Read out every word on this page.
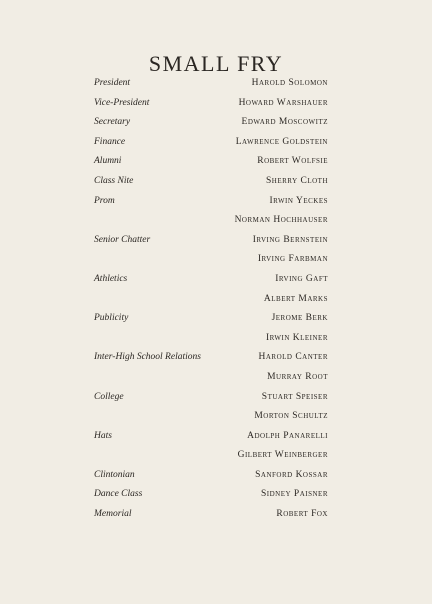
SMALL FRY
President	Harold Solomon
Vice-President	Howard Warshauer
Secretary	Edward Moscowitz
Finance	Lawrence Goldstein
Alumni	Robert Wolfsie
Class Nite	Sherry Cloth
Prom	Irwin Yeckes
Norman Hochhauser
Senior Chatter	Irving Bernstein
Irving Farbman
Athletics	Irving Gaft
Albert Marks
Publicity	Jerome Berk
Irwin Kleiner
Inter-High School Relations	Harold Canter
Murray Root
College	Stuart Speiser
Morton Schultz
Hats	Adolph Panarelli
Gilbert Weinberger
Clintonian	Sanford Kossar
Dance Class	Sidney Paisner
Memorial	Robert Fox
